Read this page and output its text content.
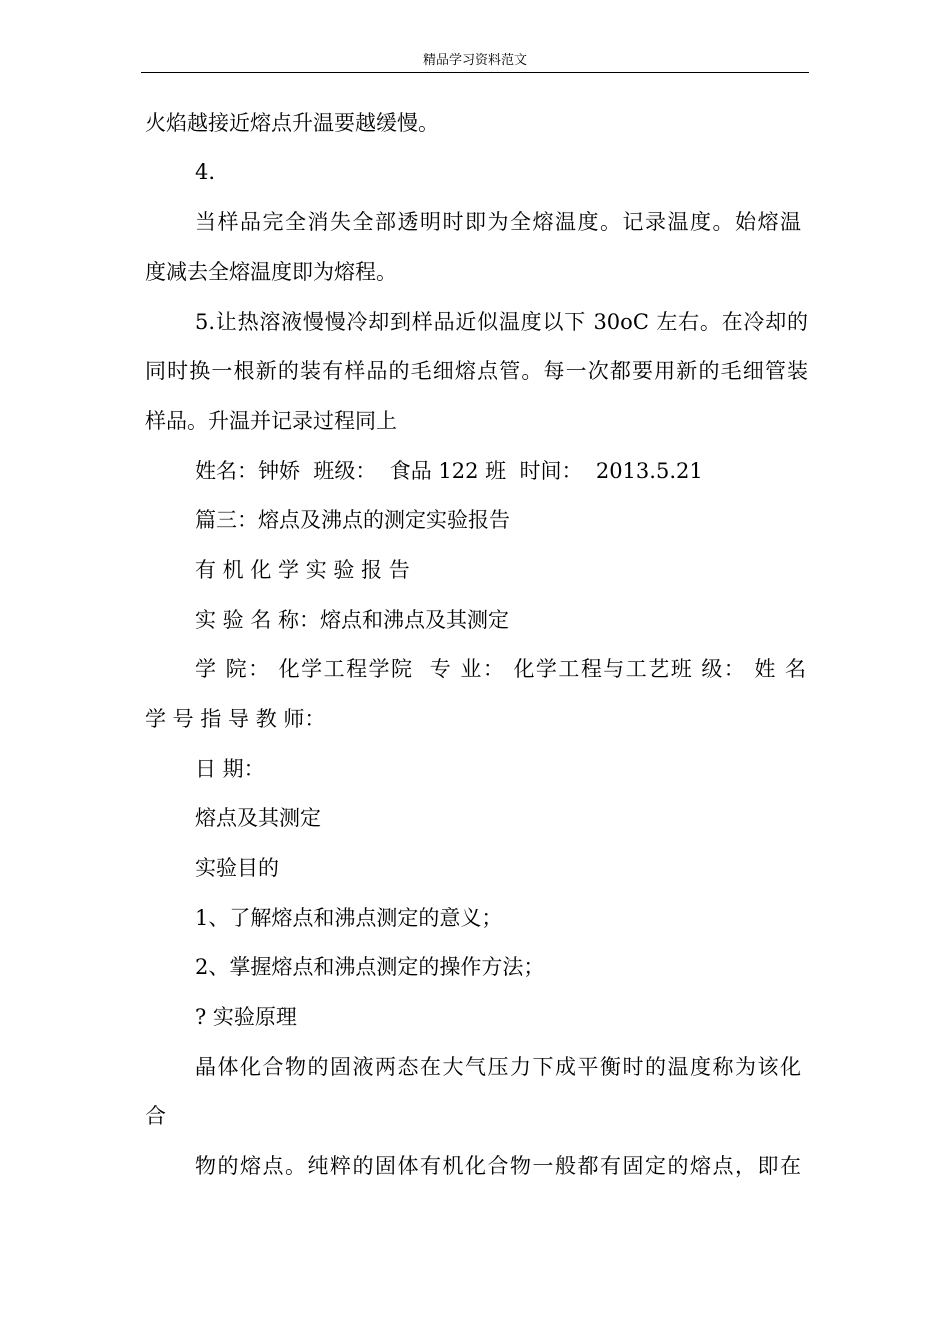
精品学习资料范文
火焰越接近熔点升温要越缓慢。
4.
当样品完全消失全部透明时即为全熔温度。记录温度。始熔温
度减去全熔温度即为熔程。
5.让热溶液慢慢冷却到样品近似温度以下 30oC 左右。在冷却的
同时换一根新的装有样品的毛细熔点管。每一次都要用新的毛细管装
样品。升温并记录过程同上
姓名：钟娇  班级：  食品 122 班  时间：  2013.5.21
篇三：熔点及沸点的测定实验报告
有 机 化 学 实 验 报 告
实 验 名 称：熔点和沸点及其测定
学 院： 化学工程学院  专 业： 化学工程与工艺班 级： 姓 名
学 号 指 导 教 师：
日 期：
熔点及其测定
实验目的
1、了解熔点和沸点测定的意义；
2、掌握熔点和沸点测定的操作方法；
? 实验原理
晶体化合物的固液两态在大气压力下成平衡时的温度称为该化
合
物的熔点。纯粹的固体有机化合物一般都有固定的熔点，即在
